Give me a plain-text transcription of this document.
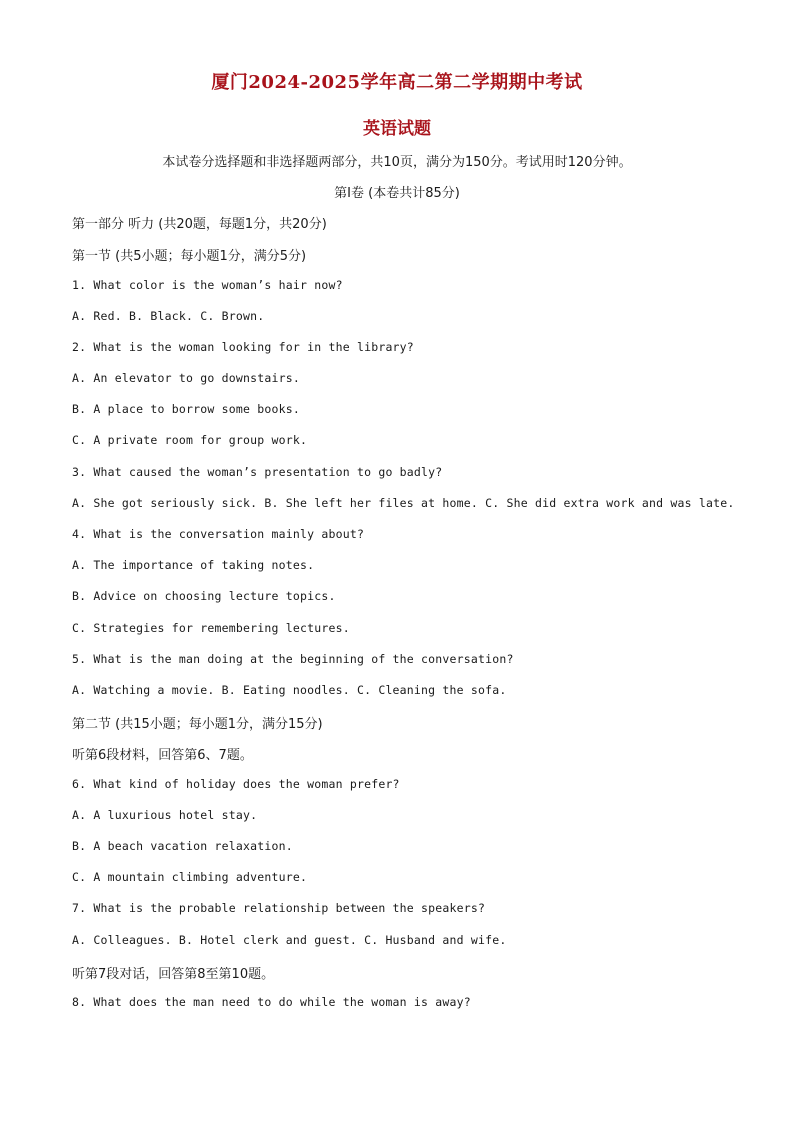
厦门2024-2025学年高二第二学期期中考试
英语试题
本试卷分选择题和非选择题两部分，共10页，满分为150分。考试用时120分钟。
第I卷 (本卷共计85分)
第一部分 听力 (共20题，每题1分，共20分)
第一节 (共5小题；每小题1分，满分5分)
1. What color is the woman’s hair now?
A. Red. B. Black. C. Brown.
2. What is the woman looking for in the library?
A. An elevator to go downstairs.
B. A place to borrow some books.
C. A private room for group work.
3. What caused the woman’s presentation to go badly?
A. She got seriously sick. B. She left her files at home. C. She did extra work and was late.
4. What is the conversation mainly about?
A. The importance of taking notes.
B. Advice on choosing lecture topics.
C. Strategies for remembering lectures.
5. What is the man doing at the beginning of the conversation?
A. Watching a movie. B. Eating noodles. C. Cleaning the sofa.
第二节 (共15小题；每小题1分，满分15分)
听第6段材料，回答第6、7题。
6. What kind of holiday does the woman prefer?
A. A luxurious hotel stay.
B. A beach vacation relaxation.
C. A mountain climbing adventure.
7. What is the probable relationship between the speakers?
A. Colleagues. B. Hotel clerk and guest. C. Husband and wife.
听第7段对话，回答第8至第10题。
8. What does the man need to do while the woman is away?
